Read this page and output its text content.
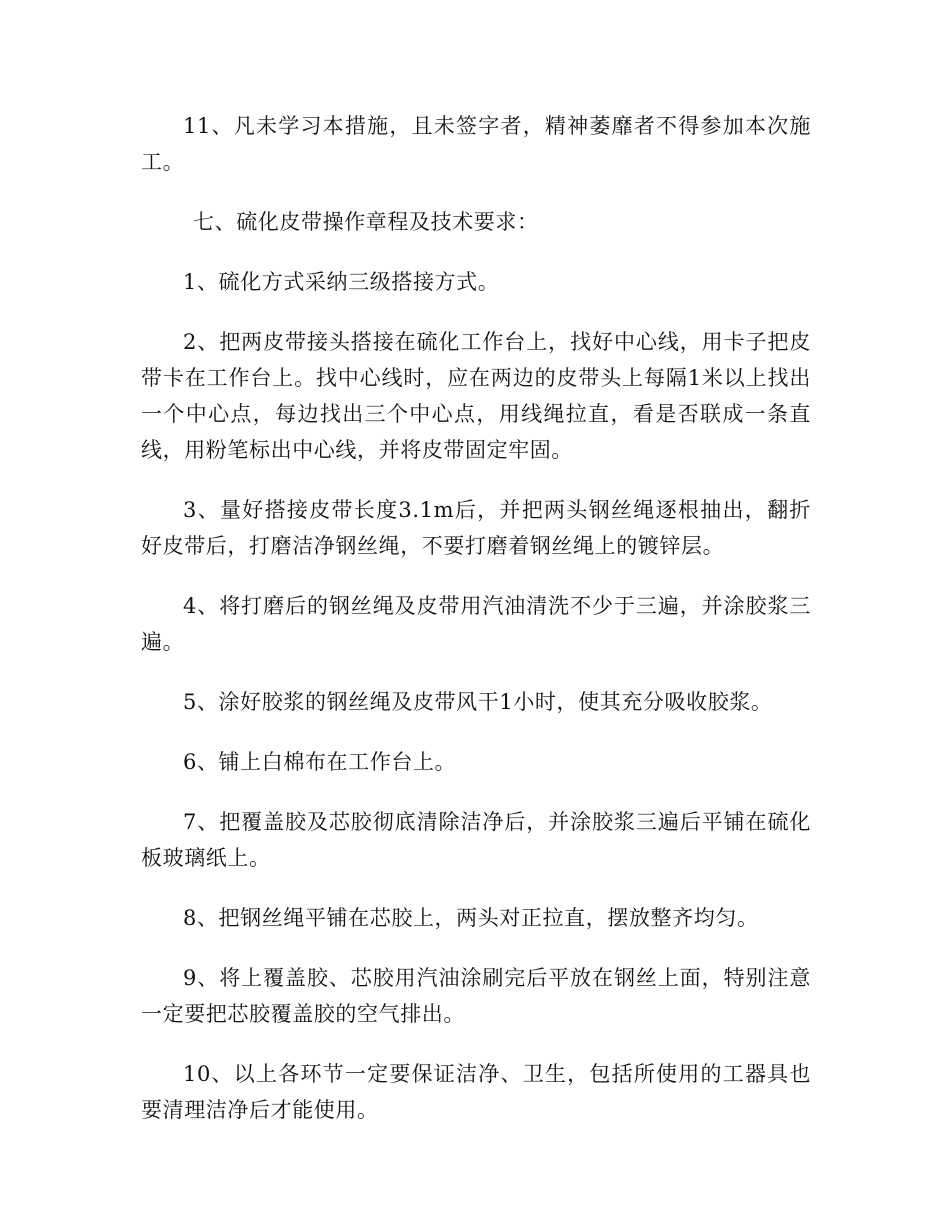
11、凡未学习本措施，且未签字者，精神萎靡者不得参加本次施工。

七、硫化皮带操作章程及技术要求：

1、硫化方式采纳三级搭接方式。

2、把两皮带接头搭接在硫化工作台上，找好中心线，用卡子把皮带卡在工作台上。找中心线时，应在两边的皮带头上每隔1米以上找出一个中心点，每边找出三个中心点，用线绳拉直，看是否联成一条直线，用粉笔标出中心线，并将皮带固定牢固。

3、量好搭接皮带长度3.1m后，并把两头钢丝绳逐根抽出，翻折好皮带后，打磨洁净钢丝绳，不要打磨着钢丝绳上的镀锌层。

4、将打磨后的钢丝绳及皮带用汽油清洗不少于三遍，并涂胶浆三遍。

5、涂好胶浆的钢丝绳及皮带风干1小时，使其充分吸收胶浆。

6、铺上白棉布在工作台上。

7、把覆盖胶及芯胶彻底清除洁净后，并涂胶浆三遍后平铺在硫化板玻璃纸上。

8、把钢丝绳平铺在芯胶上，两头对正拉直，摆放整齐均匀。

9、将上覆盖胶、芯胶用汽油涂刷完后平放在钢丝上面，特别注意一定要把芯胶覆盖胶的空气排出。

10、以上各环节一定要保证洁净、卫生，包括所使用的工器具也要清理洁净后才能使用。
